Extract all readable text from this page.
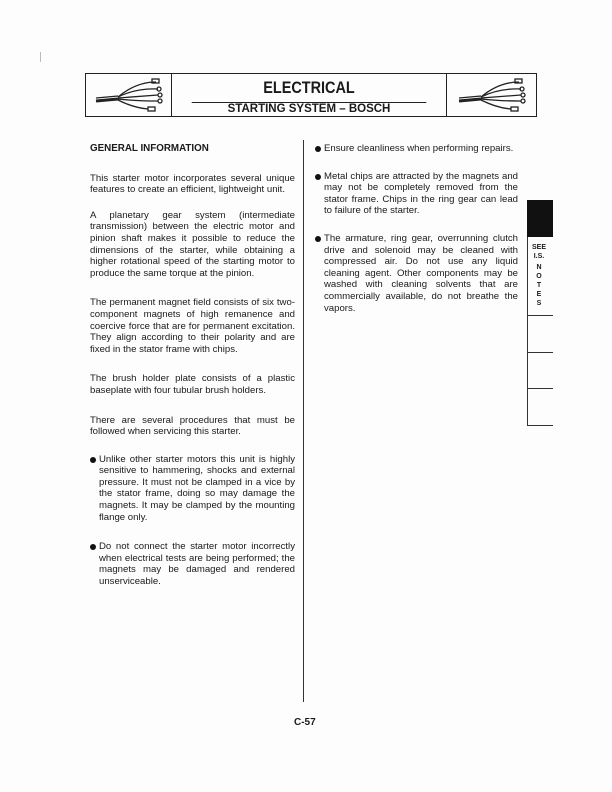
ELECTRICAL
STARTING SYSTEM – BOSCH

GENERAL INFORMATION

This starter motor incorporates several unique features to create an efficient, lightweight unit.

A planetary gear system (intermediate transmission) between the electric motor and pinion shaft makes it possible to reduce the dimensions of the starter, while obtaining a higher rotational speed of the starting motor to produce the same torque at the pinion.

The permanent magnet field consists of six two-component magnets of high remanence and coercive force that are for permanent excitation. They align according to their polarity and are fixed in the stator frame with chips.

The brush holder plate consists of a plastic baseplate with four tubular brush holders.

There are several procedures that must be followed when servicing this starter.

Unlike other starter motors this unit is highly sensitive to hammering, shocks and external pressure. It must not be clamped in a vice by the stator frame, doing so may damage the magnets. It may be clamped by the mounting flange only.

Do not connect the starter motor incorrectly when electrical tests are being performed; the magnets may be damaged and rendered unserviceable.

Ensure cleanliness when performing repairs.

Metal chips are attracted by the magnets and may not be completely removed from the stator frame. Chips in the ring gear can lead to failure of the starter.

The armature, ring gear, overrunning clutch drive and solenoid may be cleaned with compressed air. Do not use any liquid cleaning agent. Other components may be washed with cleaning solvents that are commercially available, do not breathe the vapors.

SEE
I.S.
N O T E S
C-57
